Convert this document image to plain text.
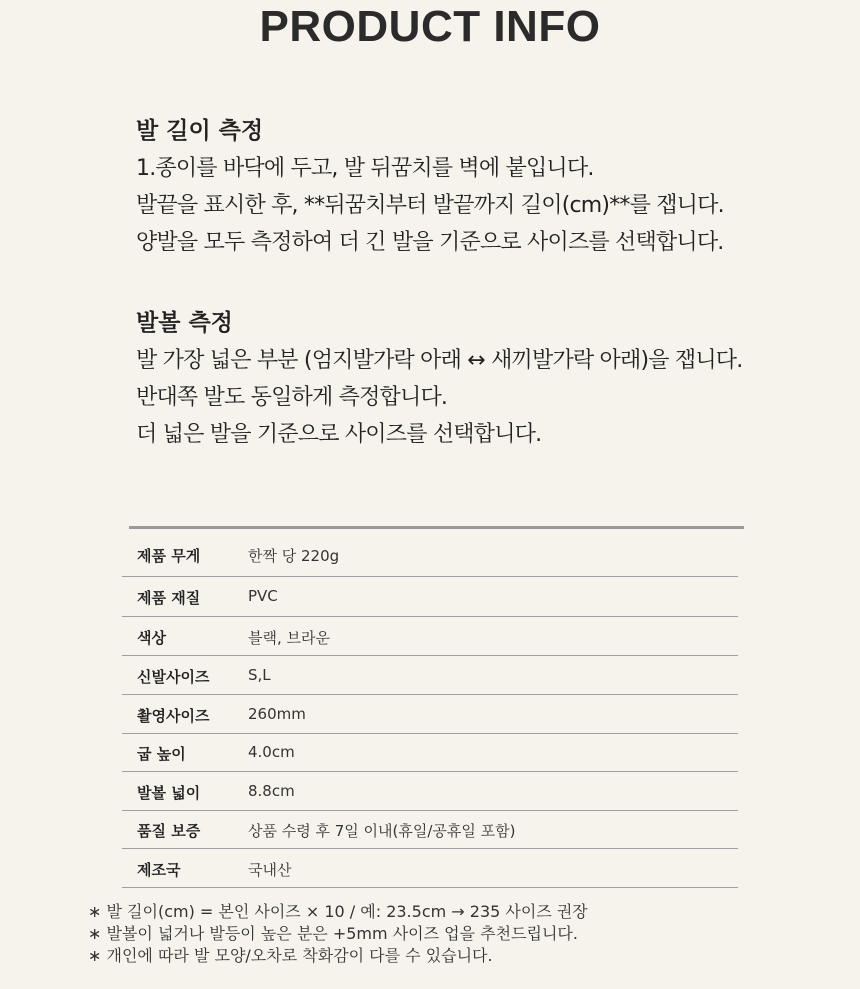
PRODUCT INFO
발 길이 측정
1.종이를 바닥에 두고, 발 뒤꿈치를 벽에 붙입니다.
발끝을 표시한 후, **뒤꿈치부터 발끝까지 길이(cm)**를 잽니다.
양발을 모두 측정하여 더 긴 발을 기준으로 사이즈를 선택합니다.
발볼 측정
발 가장 넓은 부분 (엄지발가락 아래 ↔ 새끼발가락 아래)을 잽니다.
반대쪽 발도 동일하게 측정합니다.
더 넓은 발을 기준으로 사이즈를 선택합니다.
제품 무게	한짝 당 220g
제품 재질	PVC
색상	블랙, 브라운
신발사이즈	S,L
촬영사이즈	260mm
굽 높이	4.0cm
발볼 넓이	8.8cm
품질 보증	상품 수령 후 7일 이내(휴일/공휴일 포함)
제조국	국내산
∗ 발 길이(cm) = 본인 사이즈 × 10 / 예: 23.5cm → 235 사이즈 권장
∗ 발볼이 넓거나 발등이 높은 분은 +5mm 사이즈 업을 추천드립니다.
∗ 개인에 따라 발 모양/오차로 착화감이 다를 수 있습니다.
